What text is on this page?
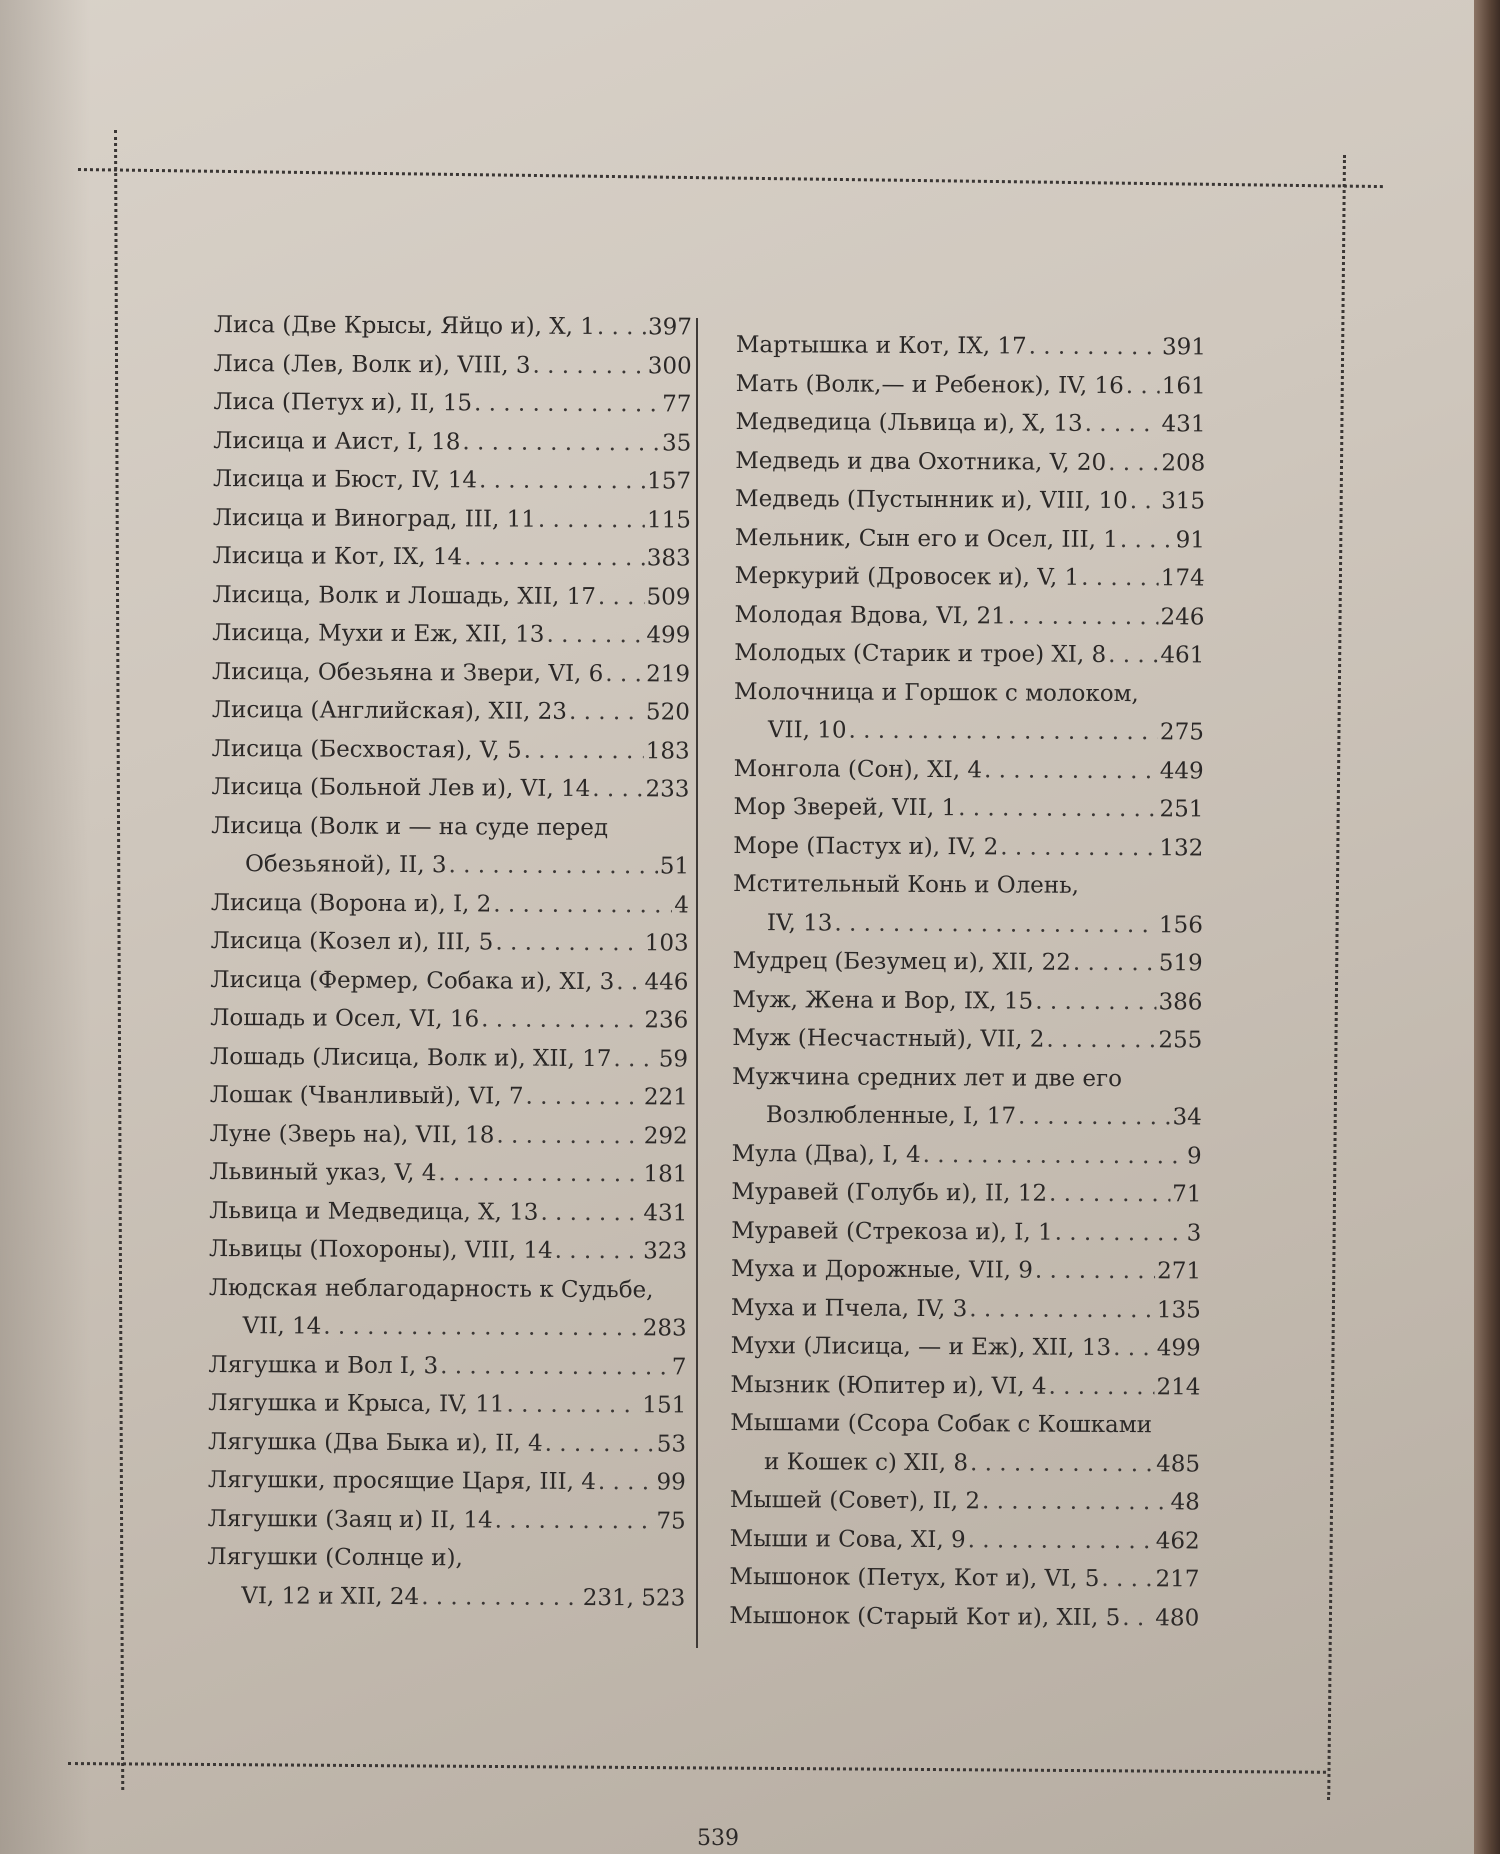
Лиса (Две Крысы, Яйцо и), X, 1 . . . 397
Лиса (Лев, Волк и), VIII, 3 . . .	300
Лиса (Петух и), II, 15 . . .	77
Лисица и Аист, I, 18 . . .	35
Лисица и Бюст, IV, 14 . . .	157
Лисица и Виноград, III, 11 . . .	115
Лисица и Кот, IX, 14 . . .	383
Лисица, Волк и Лошадь, XII, 17 . . . 509
Лисица, Мухи и Еж, XII, 13 . . .	499
Лисица, Обезьяна и Звери, VI, 6 . . . 219
Лисица (Английская), XII, 23 . . .	520
Лисица (Бесхвостая), V, 5 . . .	183
Лисица (Больной Лев и), VI, 14 . . . 233
Лисица (Волк и — на суде перед
Обезьяной), II, 3 . . .	51
Лисица (Ворона и), I, 2 . . .	4
Лисица (Козел и), III, 5 . . .	103
Лисица (Фермер, Собака и), XI, 3 . . . 446
Лошадь и Осел, VI, 16 . . .	236
Лошадь (Лисица, Волк и), XII, 17 . . . 59
Лошак (Чванливый), VI, 7 . . .	221
Луне (Зверь на), VII, 18 . . .	292
Львиный указ, V, 4 . . .	181
Львица и Медведица, X, 13 . . .	431
Львицы (Похороны), VIII, 14 . . .	323
Людская неблагодарность к Судьбе,
VII, 14 . . .	283
Лягушка и Вол I, 3 . . .	7
Лягушка и Крыса, IV, 11 . . .	151
Лягушка (Два Быка и), II, 4 . . .	53
Лягушки, просящие Царя, III, 4 . . .	99
Лягушки (Заяц и) II, 14 . . .	75
Лягушки (Солнце и),
VI, 12 и XII, 24 . . .	231, 523
Мартышка и Кот, IX, 17 . . .	391
Мать (Волк,— и Ребенок), IV, 16 . . . 161
Медведица (Львица и), X, 13 . . .	431
Медведь и два Охотника, V, 20 . . . 208
Медведь (Пустынник и), VIII, 10 . . . 315
Мельник, Сын его и Осел, III, 1 . . .	91
Меркурий (Дровосек и), V, 1 . . .	174
Молодая Вдова, VI, 21 . . .	246
Молодых (Старик и трое) XI, 8 . . . 461
Молочница и Горшок с молоком,
VII, 10 . . .	275
Монгола (Сон), XI, 4 . . .	449
Мор Зверей, VII, 1 . . .	251
Море (Пастух и), IV, 2 . . .	132
Мстительный Конь и Олень,
IV, 13 . . .	156
Мудрец (Безумец и), XII, 22 . . .	519
Муж, Жена и Вор, IX, 15 . . .	386
Муж (Несчастный), VII, 2 . . .	255
Мужчина средних лет и две его
Возлюбленные, I, 17 . . .	34
Мула (Два), I, 4 . . .	9
Муравей (Голубь и), II, 12 . . .	71
Муравей (Стрекоза и), I, 1 . . .	3
Муха и Дорожные, VII, 9 . . .	271
Муха и Пчела, IV, 3 . . .	135
Мухи (Лисица, — и Еж), XII, 13 . . . 499
Мызник (Юпитер и), VI, 4 . . .	214
Мышами (Ссора Собак с Кошками
и Кошек с) XII, 8 . . .	485
Мышей (Совет), II, 2 . . .	48
Мыши и Сова, XI, 9 . . .	462
Мышонок (Петух, Кот и), VI, 5 . . . 217
Мышонок (Старый Кот и), XII, 5 . . . 480
539
